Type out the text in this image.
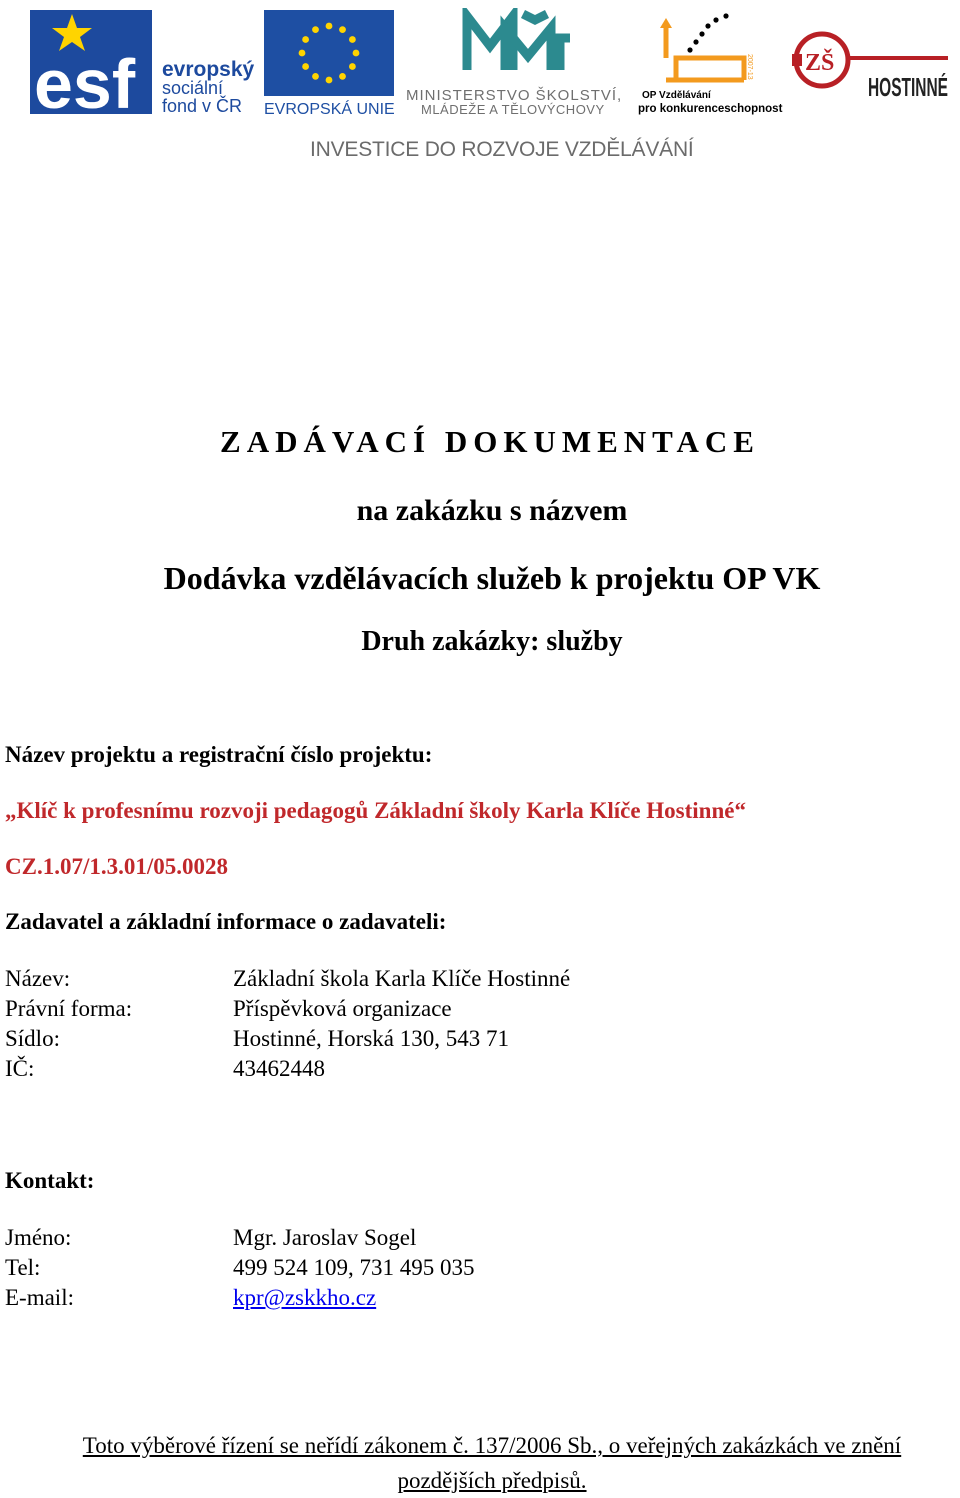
esf evropský
sociální
fond v ČR EVROPSKÁ UNIE
MINISTERSTVO ŠKOLSTVÍ,
MLÁDEŽE A TĚLOVÝCHOVY
2007-13
OP Vzdělávání
pro konkurenceschopnost
ZŠ
HOSTINNÉ
INVESTICE DO ROZVOJE VZDĚLÁVÁNÍ
ZADÁVACÍ DOKUMENTACE
na zakázku s názvem
Dodávka vzdělávacích služeb k projektu OP VK
Druh zakázky: služby
Název projektu a registrační číslo projektu:
„Klíč k profesnímu rozvoji pedagogů Základní školy Karla Klíče Hostinné“
CZ.1.07/1.3.01/05.0028
Zadavatel a základní informace o zadavateli:
Název:	Základní škola Karla Klíče Hostinné
Právní forma:	Příspěvková organizace
Sídlo:	Hostinné, Horská 130, 543 71
IČ:	43462448
Kontakt:
Jméno:	Mgr. Jaroslav Sogel
Tel:	499 524 109, 731 495 035
E-mail:	kpr@zskkho.cz
Toto výběrové řízení se neřídí zákonem č. 137/2006 Sb., o veřejných zakázkách ve znění
pozdějších předpisů.
